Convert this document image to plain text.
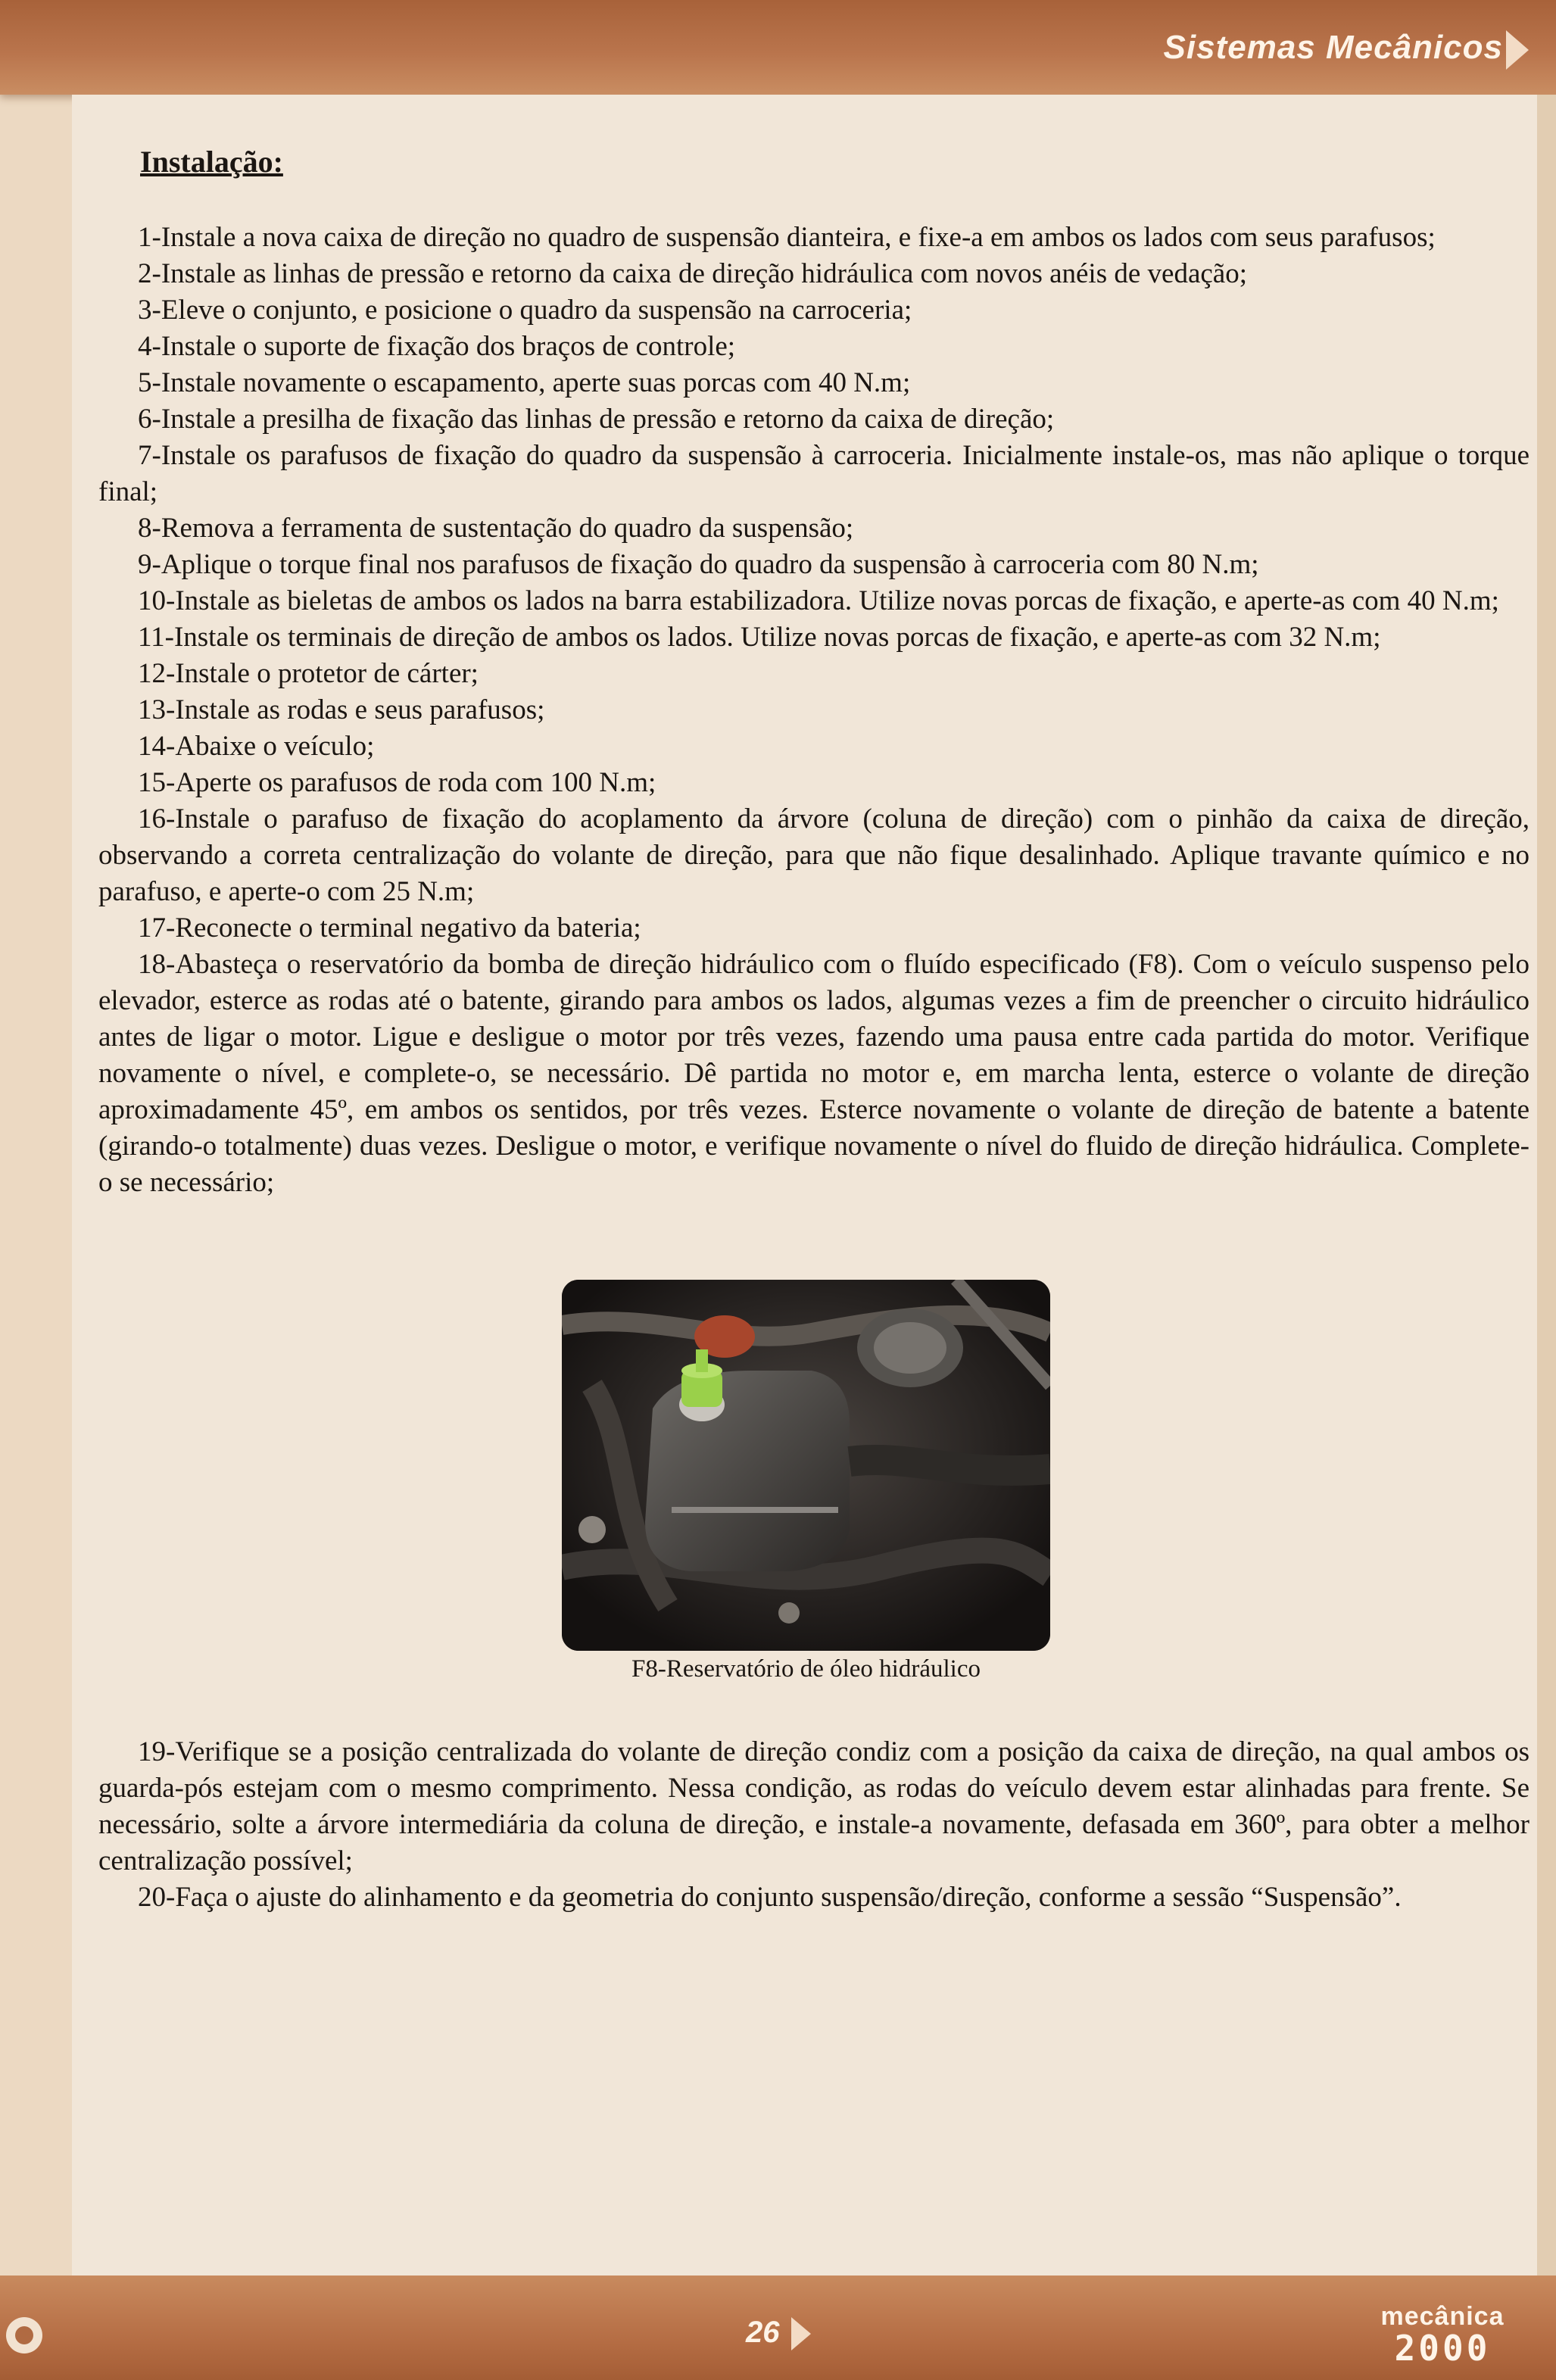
Sistemas Mecânicos
Instalação:

1-Instale a nova caixa de direção no quadro de suspensão dianteira, e fixe-a em ambos os lados com seus parafusos;

2-Instale as linhas de pressão e retorno da caixa de direção hidráulica com novos anéis de vedação;

3-Eleve o conjunto, e posicione o quadro da suspensão na carroceria;

4-Instale o suporte de fixação dos braços de controle;

5-Instale novamente o escapamento, aperte suas porcas com 40 N.m;

6-Instale a presilha de fixação das linhas de pressão e retorno da caixa de direção;

7-Instale os parafusos de fixação do quadro da suspensão à carroceria. Inicialmente instale-os, mas não aplique o torque final;

8-Remova a ferramenta de sustentação do quadro da suspensão;

9-Aplique o torque final nos parafusos de fixação do quadro da suspensão à carroceria com 80 N.m;

10-Instale as bieletas de ambos os lados na barra estabilizadora. Utilize novas porcas de fixação, e aperte-as com 40 N.m;

11-Instale os terminais de direção de ambos os lados. Utilize novas porcas de fixação, e aperte-as com 32 N.m;

12-Instale o protetor de cárter;

13-Instale as rodas e seus parafusos;

14-Abaixe o veículo;

15-Aperte os parafusos de roda com 100 N.m;

16-Instale o parafuso de fixação do acoplamento da árvore (coluna de direção) com o pinhão da caixa de direção, observando a correta centralização do volante de direção, para que não fique desalinhado. Aplique travante químico e no parafuso, e aperte-o com 25 N.m;

17-Reconecte o terminal negativo da bateria;

18-Abasteça o reservatório da bomba de direção hidráulico com o fluído especificado (F8). Com o veículo suspenso pelo elevador, esterce as rodas até o batente, girando para ambos os lados, algumas vezes a fim de preencher o circuito hidráulico antes de ligar o motor. Ligue e desligue o motor por três vezes, fazendo uma pausa entre cada partida do motor. Verifique novamente o nível, e complete-o, se necessário. Dê partida no motor e, em marcha lenta, esterce o volante de direção aproximadamente 45º, em ambos os sentidos, por três vezes. Esterce novamente o volante de direção de batente a batente (girando-o totalmente) duas vezes. Desligue o motor, e verifique novamente o nível do fluido de direção hidráulica. Complete-o se necessário;

F8-Reservatório de óleo hidráulico

19-Verifique se a posição centralizada do volante de direção condiz com a posição da caixa de direção, na qual ambos os guarda-pós estejam com o mesmo comprimento. Nessa condição, as rodas do veículo devem estar alinhadas para frente. Se necessário, solte a árvore intermediária da coluna de direção, e instale-a novamente, defasada em 360º, para obter a melhor centralização possível;

20-Faça o ajuste do alinhamento e da geometria do conjunto suspensão/direção, conforme a sessão “Suspensão”.

26	mecânica
2000
